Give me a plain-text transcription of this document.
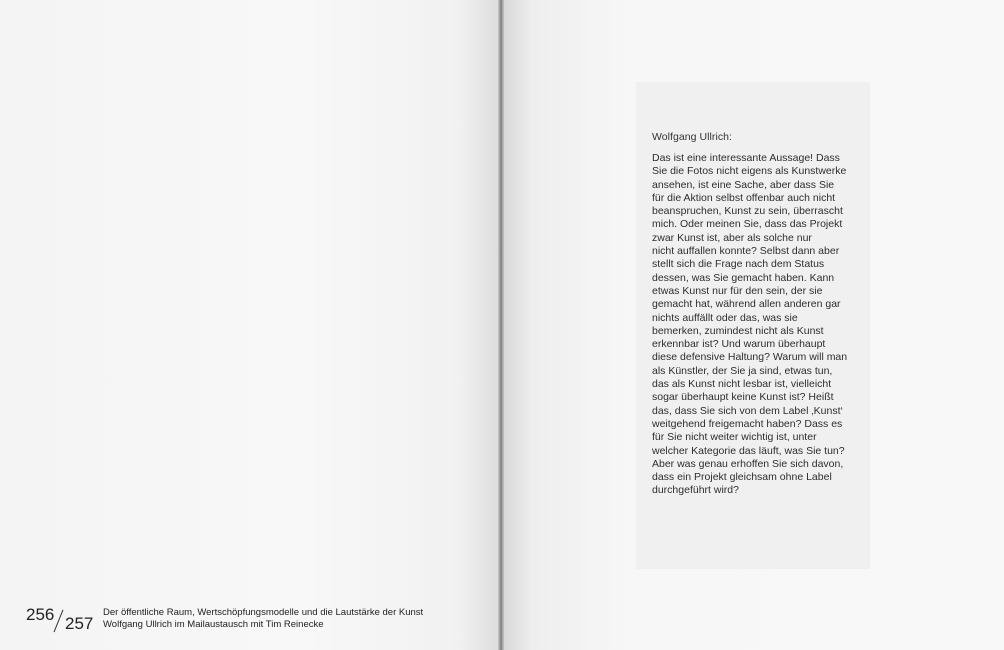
Wolfgang Ullrich:
Das ist eine interessante Aussage! Dass
Sie die Fotos nicht eigens als Kunstwerke
ansehen, ist eine Sache, aber dass Sie
für die Aktion selbst offenbar auch nicht
beanspruchen, Kunst zu sein, überrascht
mich. Oder meinen Sie, dass das Projekt
zwar Kunst ist, aber als solche nur
nicht auffallen konnte? Selbst dann aber
stellt sich die Frage nach dem Status
dessen, was Sie gemacht haben. Kann
etwas Kunst nur für den sein, der sie
gemacht hat, während allen anderen gar
nichts auffällt oder das, was sie
bemerken, zumindest nicht als Kunst
erkennbar ist? Und warum überhaupt
diese defensive Haltung? Warum will man
als Künstler, der Sie ja sind, etwas tun,
das als Kunst nicht lesbar ist, vielleicht
sogar überhaupt keine Kunst ist? Heißt
das, dass Sie sich von dem Label ‚Kunst‘
weitgehend freigemacht haben? Dass es
für Sie nicht weiter wichtig ist, unter
welcher Kategorie das läuft, was Sie tun?
Aber was genau erhoffen Sie sich davon,
dass ein Projekt gleichsam ohne Label
durchgeführt wird?
256 257
Der öffentliche Raum, Wertschöpfungsmodelle und die Lautstärke der Kunst
Wolfgang Ullrich im Mailaustausch mit Tim Reinecke
